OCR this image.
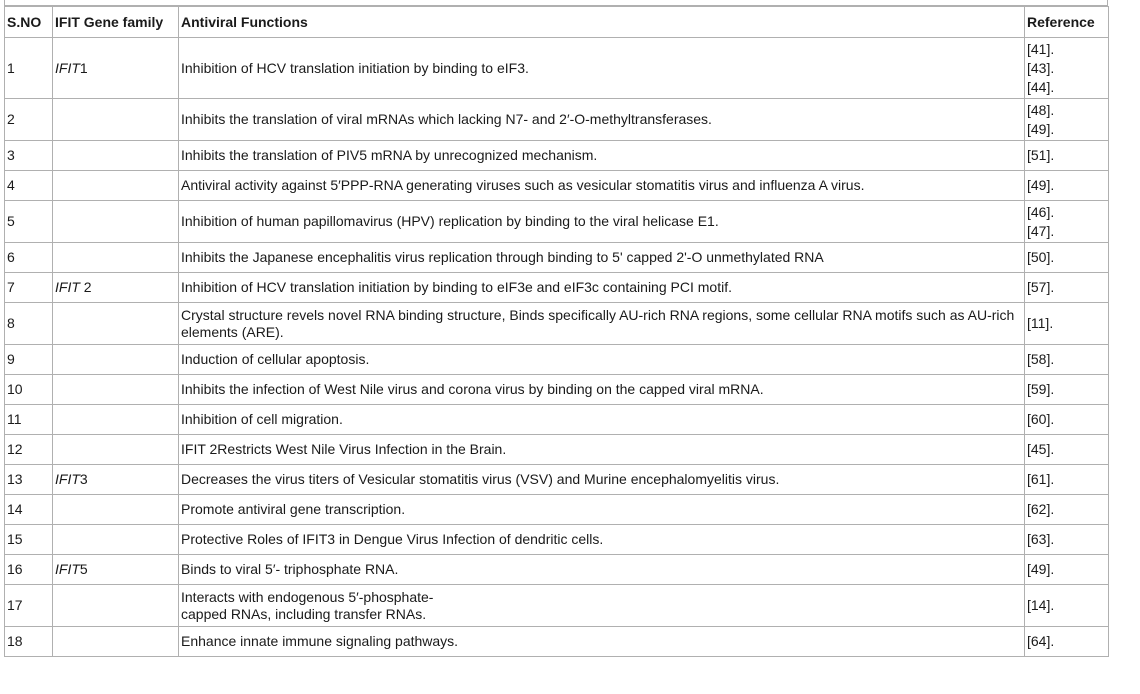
S.NO	IFIT Gene family	Antiviral Functions	Reference
1	IFIT1	Inhibition of HCV translation initiation by binding to eIF3.	[41].
[43].
[44].

2		Inhibits the translation of viral mRNAs which lacking N7- and 2′-O-methyltransferases.	[48].
[49].

3		Inhibits the translation of PIV5 mRNA by unrecognized mechanism.	[51].

4		Antiviral activity against 5′PPP-RNA generating viruses such as vesicular stomatitis virus and influenza A virus.	[49].

5		Inhibition of human papillomavirus (HPV) replication by binding to the viral helicase E1.	[46].
[47].

6		Inhibits the Japanese encephalitis virus replication through binding to 5' capped 2'-O unmethylated RNA	[50].

7	IFIT 2	Inhibition of HCV translation initiation by binding to eIF3e and eIF3c containing PCI motif.	[57].

8		Crystal structure revels novel RNA binding structure, Binds specifically AU-rich RNA regions, some cellular RNA motifs such as AU-rich elements (ARE).	[11].

9		Induction of cellular apoptosis.	[58].

10		Inhibits the infection of West Nile virus and corona virus by binding on the capped viral mRNA.	[59].

11		Inhibition of cell migration.	[60].

12		IFIT 2Restricts West Nile Virus Infection in the Brain.	[45].

13	IFIT3	Decreases the virus titers of Vesicular stomatitis virus (VSV) and Murine encephalomyelitis virus.	[61].

14		Promote antiviral gene transcription.	[62].

15		Protective Roles of IFIT3 in Dengue Virus Infection of dendritic cells.	[63].

16	IFIT5	Binds to viral 5′- triphosphate RNA.	[49].

17		Interacts with endogenous 5′-phosphate-
capped RNAs, including transfer RNAs.	[14].

18		Enhance innate immune signaling pathways.	[64].
